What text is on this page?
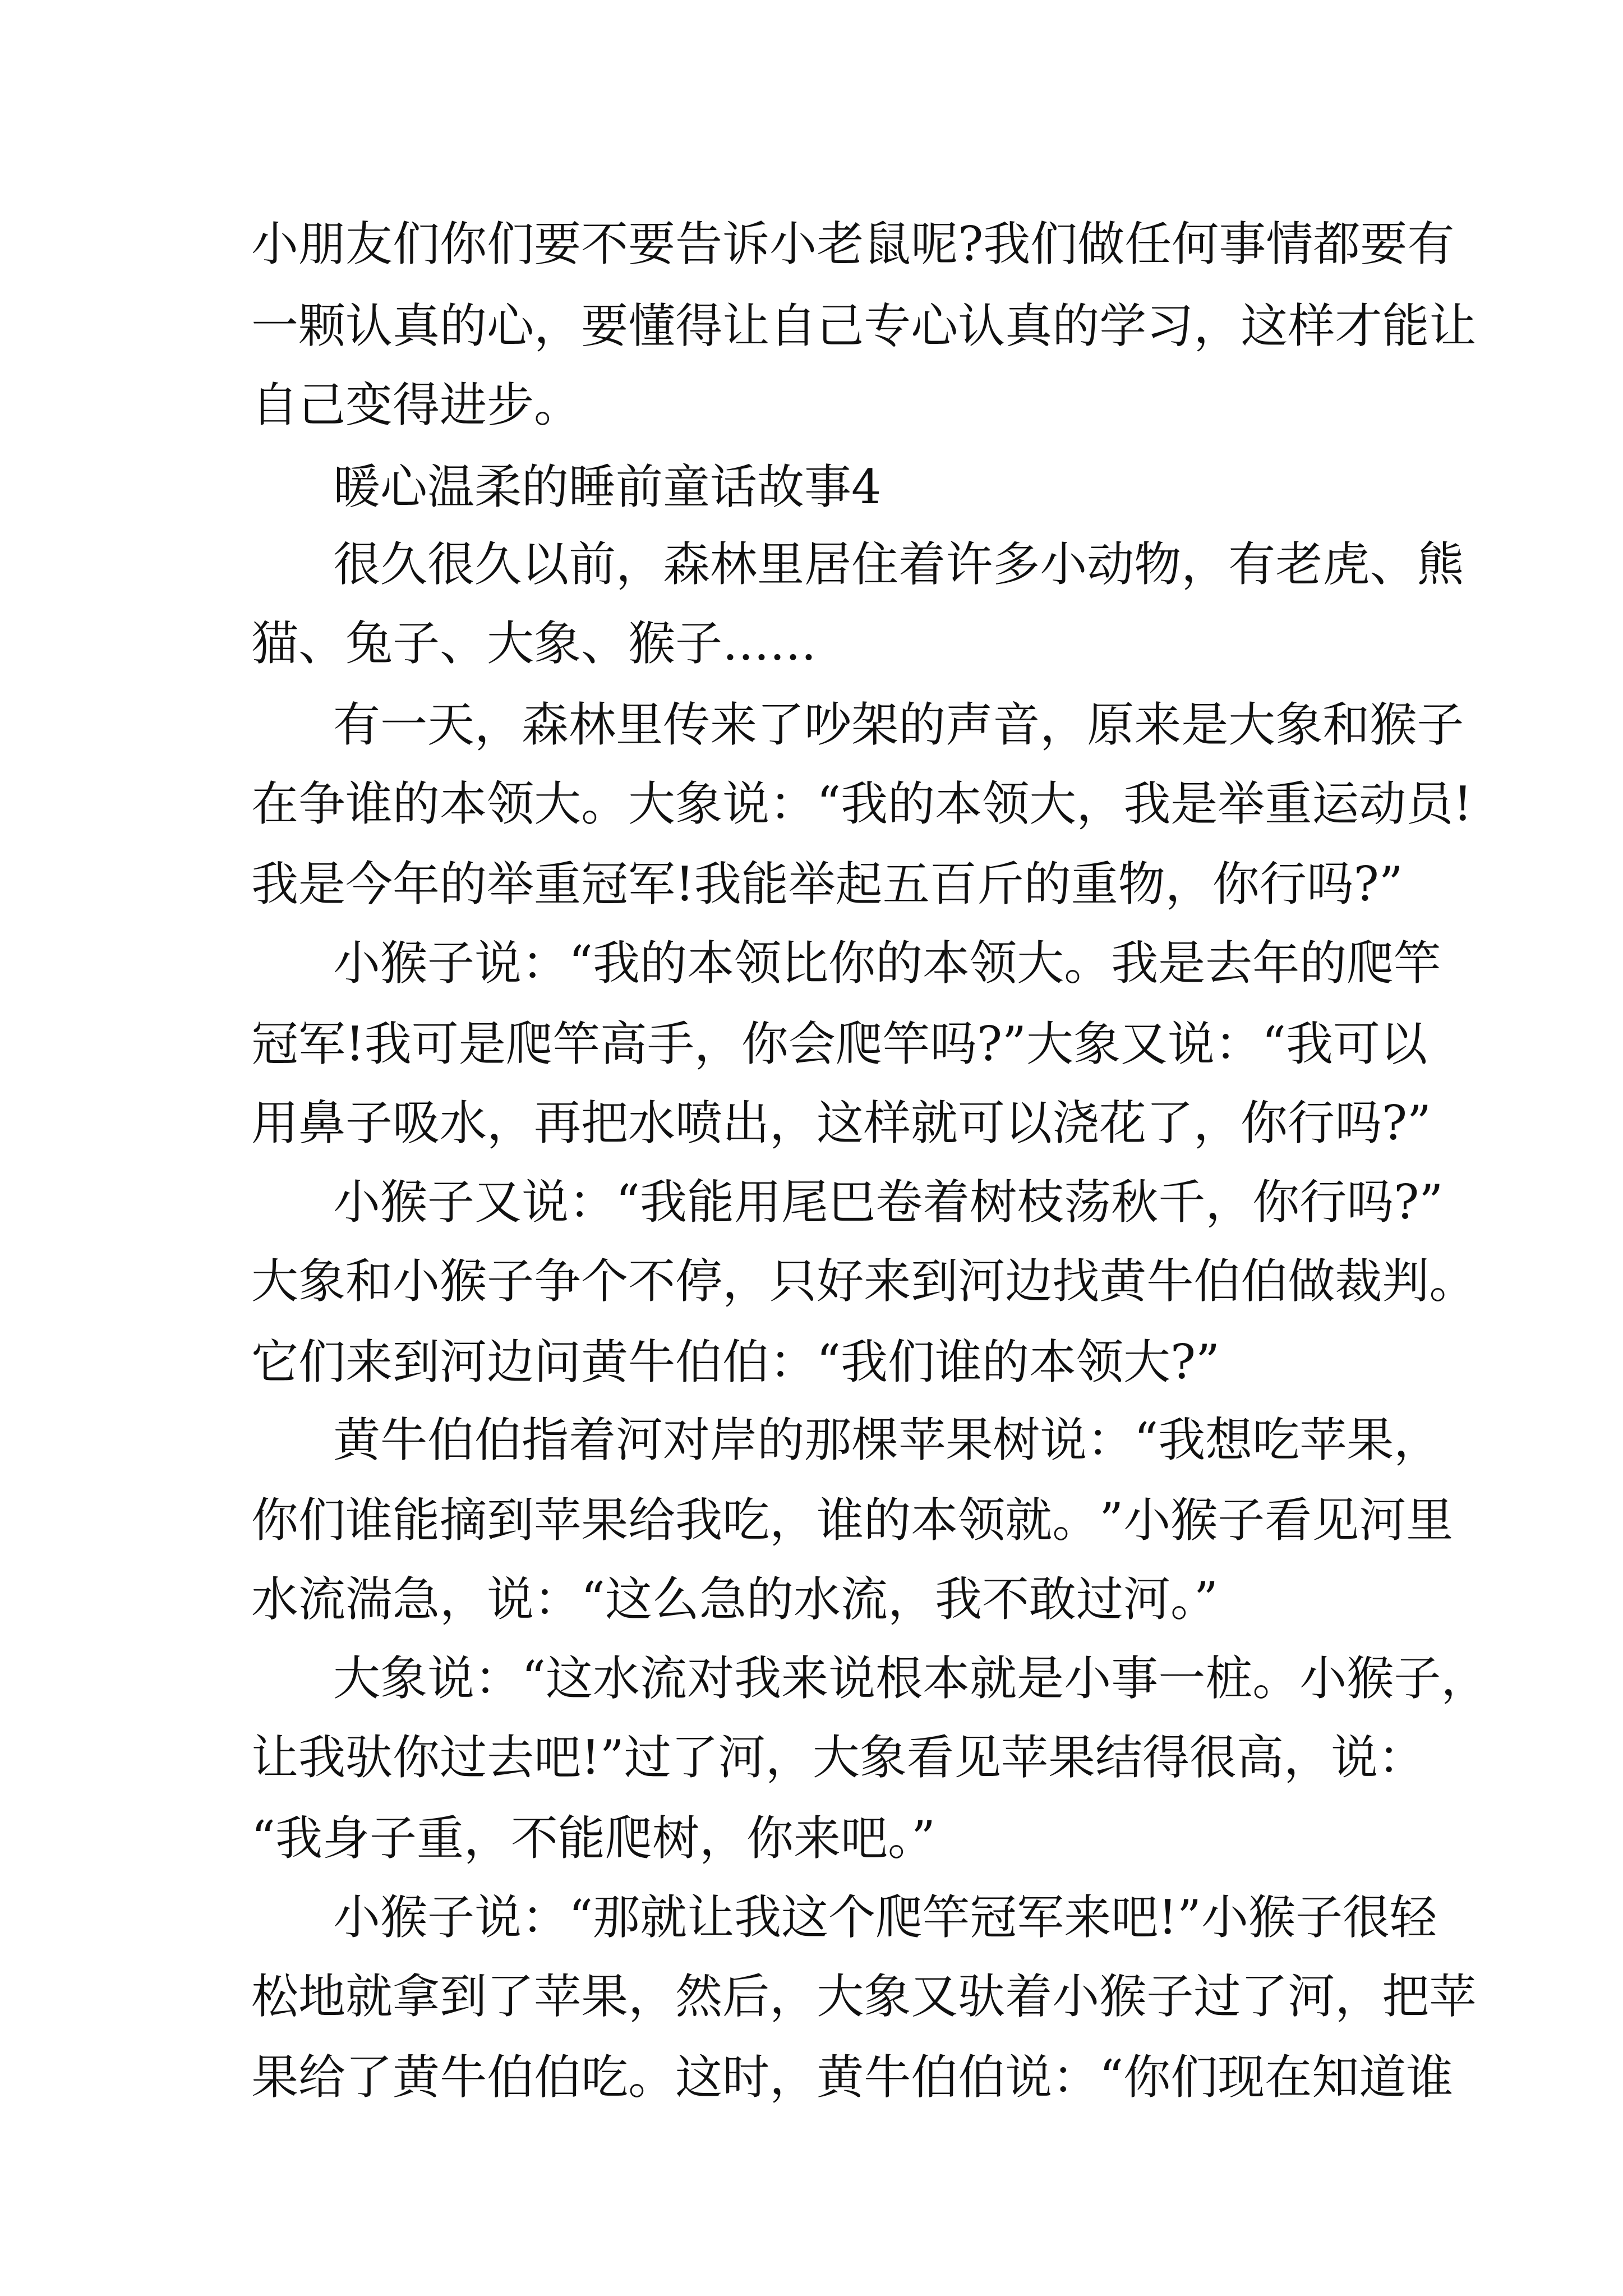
小 朋 友 们 你 们 要 不 要 告 诉 小 老 鼠 呢 ? 我 们 做 任 何 事 情 都 要 有
一 颗 认 真 的 心 ， 要 懂 得 让 自 己 专 心 认 真 的 学 习 ， 这 样 才 能 让
自己变得进步。
暖心温柔的睡前童话故事4
很 久 很 久 以 前 ， 森 林 里 居 住 着 许 多 小 动 物 ， 有 老 虎 、 熊
猫、兔子、大象、猴子……
有 一 天 ， 森 林 里 传 来 了 吵 架 的 声 音 ， 原 来 是 大 象 和 猴 子
在 争 谁 的 本 领 大 。 大 象 说 ： “ 我 的 本 领 大 ， 我 是 举 重 运 动 员 !
我是今年的举重冠军!我能举起五百斤的重物，你行吗?”
小 猴 子 说 ： “ 我 的 本 领 比 你 的 本 领 大 。 我 是 去 年 的 爬 竿
冠 军 ! 我 可 是 爬 竿 高 手 ， 你 会 爬 竿 吗 ? ” 大 象 又 说 ： “ 我 可 以
用鼻子吸水，再把水喷出，这样就可以浇花了，你行吗?”
小 猴 子 又 说 ： “ 我 能 用 尾 巴 卷 着 树 枝 荡 秋 千 ， 你 行 吗 ? ”
大 象 和 小 猴 子 争 个 不 停 ， 只 好 来 到 河 边 找 黄 牛 伯 伯 做 裁 判 。
它们来到河边问黄牛伯伯：“我们谁的本领大?”
黄 牛 伯 伯 指 着 河 对 岸 的 那 棵 苹 果 树 说 ： “ 我 想 吃 苹 果 ，
你 们 谁 能 摘 到 苹 果 给 我 吃 ， 谁 的 本 领 就 。 ” 小 猴 子 看 见 河 里
水流湍急，说：“这么急的水流，我不敢过河。”
大 象 说 ： “ 这 水 流 对 我 来 说 根 本 就 是 小 事 一 桩 。 小 猴 子 ，
让 我 驮 你 过 去 吧 ! ” 过 了 河 ， 大 象 看 见 苹 果 结 得 很 高 ， 说 ：
“我身子重，不能爬树，你来吧。”
小 猴 子 说 ： “ 那 就 让 我 这 个 爬 竿 冠 军 来 吧 ! ” 小 猴 子 很 轻
松 地 就 拿 到 了 苹 果 ， 然 后 ， 大 象 又 驮 着 小 猴 子 过 了 河 ， 把 苹
果 给 了 黄 牛 伯 伯 吃 。 这 时 ， 黄 牛 伯 伯 说 ： “ 你 们 现 在 知 道 谁
